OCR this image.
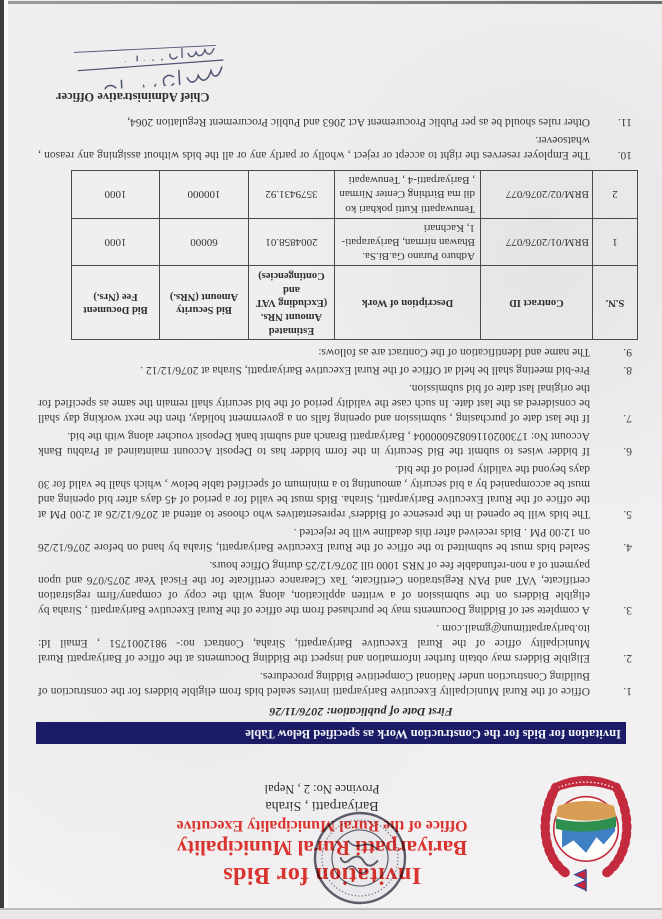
Invitation for Bids
Bariyarpatti Rural Municipality
Office of the Rural Municipality Executive
Bariyarpatti , Siraha
Province No: 2 , Nepal
Invitation for Bids for the Construction Work as specified Below Table
First Date of publication: 2076/11/26
1.
Office of the Rural Municipality Executive Bariyarpatti invites sealed bids from eligible bidders for the construction of Building Construction under National Competitive Bidding procedures.
2.
Eligible Bidders may obtain further information and inspect the Bidding Documents at the office of Bariyarpatti Rural Municipality office of the Rural Executive Bariyarpatti, Siraha, Contract no:- 9812001751 , Email Id: ito.bariyarpattimun@gmail.com .
3.
A complete set of Bidding Documents may be purchased from the office of the Rural Executive Bariyarpatti , Siraha by eligible Bidders on the submission of a written application, along with the copy of company/firm registration certificate, VAT and PAN Registration Certificate, Tax Clearance certificate for the Fiscal Year 2075/076 and upon payment of a non-refundable fee of NRS 1000 till 2076/12/25 during Office hours.
4.
Sealed bids must be submitted to the office of the Rural Executive Bariyarpatti, Siraha by hand on before 2076/12/26 on 12:00 PM . Bids received after this deadline will be rejected .
5.
The bids will be opened in the presence of Bidders' representatives who choose to attend at 2076/12/26 at 2:00 PM at the office of the Rural Executive Bariyarpatti, Siraha. Bids must be valid for a period of 45 days after bid opening and must be accompanied by a bid security , amounting to a minimum of specified table below , which shall be valid for 30 days beyond the validity period of the bid.
6.
If bidder wises to submit the Bid Security in the form bidder has to Deposit Account maintained at Prabhu Bank Account No: 17300201160826000004 , Bariyarpatti Branch and submit bank Deposit voucher along with the bid.
7.
If the last date of purchasing , submission and opening falls on a government holiday, then the next working day shall be considered as the last date. In such case the validity period of the bid security shall remain the same as specified for the original last date of bid submission.
8.
Pre-bid meeting shall be held at Office of the Rural Executive Bariyarpatti, Siraha at 2076/12/12 .
9.
The name and Identification of the Contract are as follows:
S.N.	Contract ID	Description of Work	Estimated Amount NRs. (Excluding VAT and Contingencies)	Bid Security Amount (NRs.)	Bid Document Fee (Nrs.)
1	BRM/01/2076/077	Adhuro Purano Ga.Bi.Sa. Bhawan nirman, Bariyarapati-1, Kachnari	2004858.01	60000	1000
2	BRM/02/2076/077	Tenuwapatti Kutti pokhari ko dil ma Birthing Center Nirman , Bariyarpatti-4 , Tenuwapati	3579431.92	100000	1000
10.
The Employer reserves the right to accept or reject , wholly or partly any or all the bids without assigning any reason , whatsoever.
11.
Other rules should be as per Public Procurement Act 2063 and Public Procurement Regulation 2064,
Chief Administrative Officer
